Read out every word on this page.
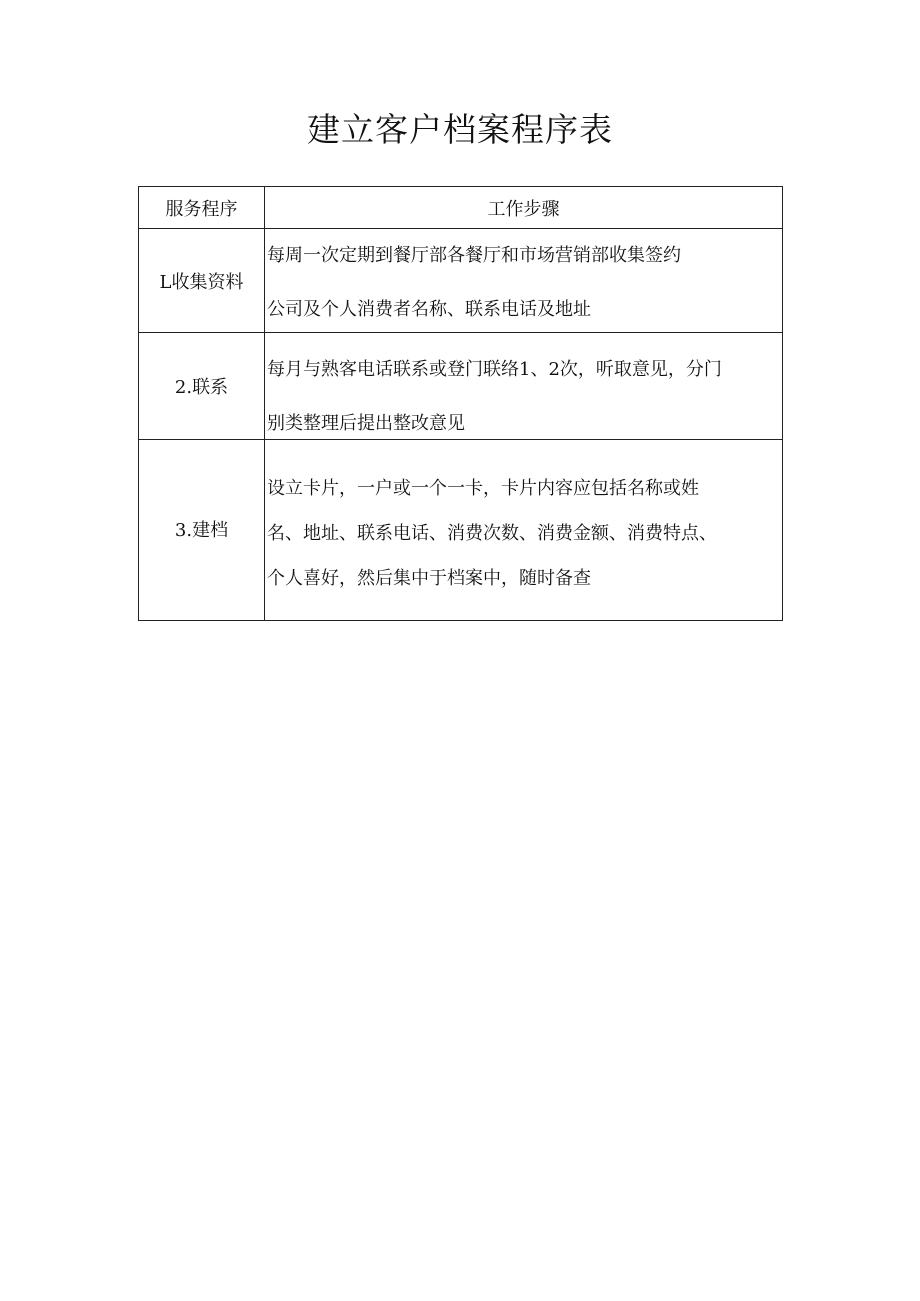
建立客户档案程序表
服务程序	工作步骤
L收集资料	每周一次定期到餐厅部各餐厅和市场营销部收集签约
公司及个人消费者名称、联系电话及地址

2.联系	每月与熟客电话联系或登门联络1、2次，听取意见，分门
别类整理后提出整改意见

3.建档	设立卡片，一户或一个一卡，卡片内容应包括名称或姓
名、地址、联系电话、消费次数、消费金额、消费特点、
个人喜好，然后集中于档案中，随时备查
